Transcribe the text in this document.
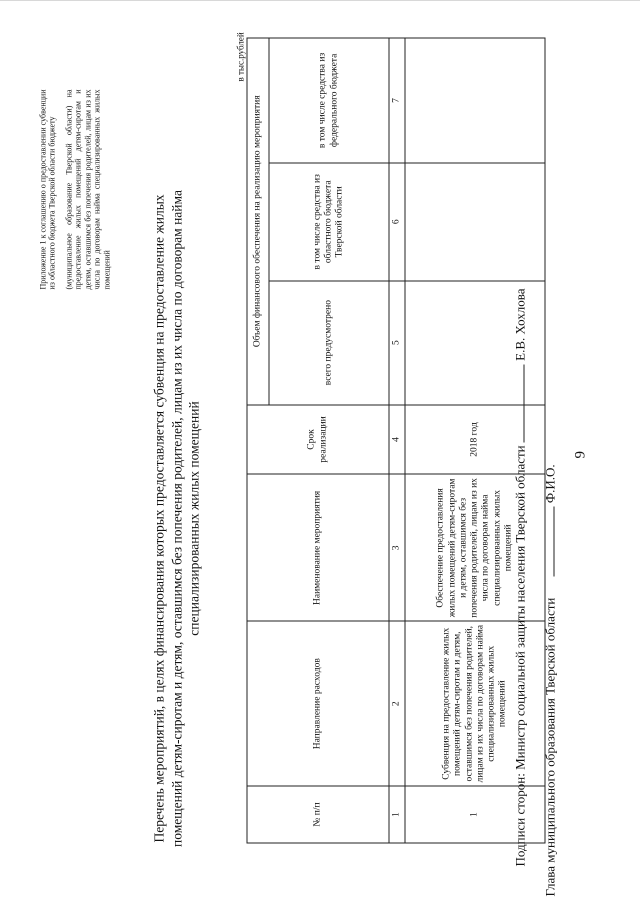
9

Приложение 1 к соглашению о предоставлении субвенции из областного бюджета Тверской области бюджету (муниципальное образование Тверской области) на предоставление жилых помещений детям-сиротам и детям, оставшимся без попечения родителей, лицам из их числа по договорам найма специализированных жилых помещений	Перечень мероприятий, в целях финансирования которых предоставляется субвенция на предоставление жилых помещений детям-сиротам и детям, оставшимся без попечения родителей, лицам из их числа по договорам найма специализированных жилых помещений
в тыс.рублей
№ п/п	Направление расходов	Наименование мероприятия	Срок реализации	Объем финансового обеспечения на реализацию мероприятия		
				всего предусмотрено	в том числе средства из областного бюджета Тверской области	в том числе средства из федерального бюджета
1	2	3	4	5	6	7
1	Субвенция на предоставление жилых помещений детям-сиротам и детям, оставшимся без попечения родителей, лицам из их числа по договорам найма специализированных жилых помещений	Обеспечение предоставления жилых помещений детям-сиротам и детям, оставшимся без попечения родителей, лицам из их числа по договорам найма специализированных жилых помещений	2018 год			
Подписи сторон: Министр социальной защиты населения Тверской области  Е.В. Хохлова
Глава муниципального образования Тверской области  Ф.И.О.
